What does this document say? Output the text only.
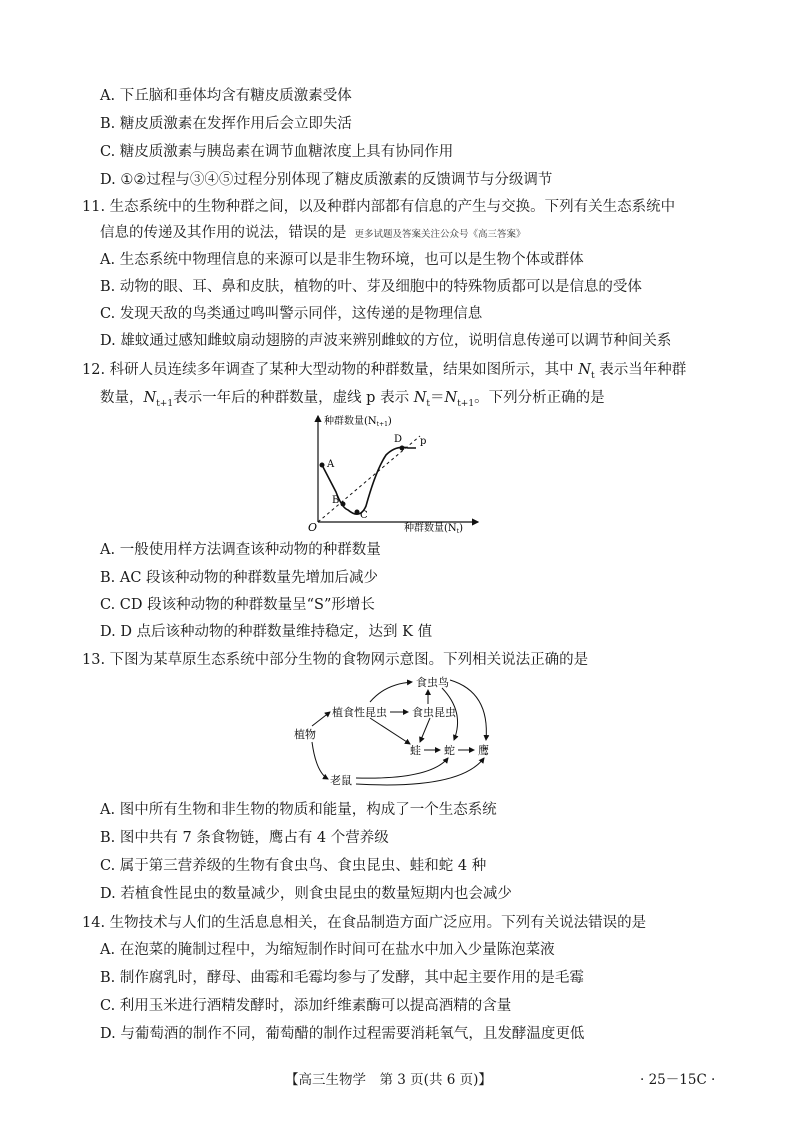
A. 下丘脑和垂体均含有糖皮质激素受体
B. 糖皮质激素在发挥作用后会立即失活
C. 糖皮质激素与胰岛素在调节血糖浓度上具有协同作用
D. ①②过程与③④⑤过程分别体现了糖皮质激素的反馈调节与分级调节
11. 生态系统中的生物种群之间，以及种群内部都有信息的产生与交换。下列有关生态系统中
信息的传递及其作用的说法，错误的是 更多试题及答案关注公众号《高三答案》
A. 生态系统中物理信息的来源可以是非生物环境，也可以是生物个体或群体
B. 动物的眼、耳、鼻和皮肤，植物的叶、芽及细胞中的特殊物质都可以是信息的受体
C. 发现天敌的鸟类通过鸣叫警示同伴，这传递的是物理信息
D. 雄蚊通过感知雌蚊扇动翅膀的声波来辨别雌蚊的方位，说明信息传递可以调节种间关系
12. 科研人员连续多年调查了某种大型动物的种群数量，结果如图所示，其中 $N_t$ 表示当年种群
数量，$N_{t+1}$表示一年后的种群数量，虚线 p 表示 $N_t=N_{t+1}$。下列分析正确的是
种群数量$(N_{t+1})$
种群数量$(N_t)$
O
p
A
B
C
D
A. 一般使用样方法调查该种动物的种群数量
B. AC 段该种动物的种群数量先增加后减少
C. CD 段该种动物的种群数量呈“S”形增长
D. D 点后该种动物的种群数量维持稳定，达到 K 值
13. 下图为某草原生态系统中部分生物的食物网示意图。下列相关说法正确的是
植物
植食性昆虫 食虫昆虫
食虫鸟
蛙 蛇 鹰
老鼠
A. 图中所有生物和非生物的物质和能量，构成了一个生态系统
B. 图中共有 7 条食物链，鹰占有 4 个营养级
C. 属于第三营养级的生物有食虫鸟、食虫昆虫、蛙和蛇 4 种
D. 若植食性昆虫的数量减少，则食虫昆虫的数量短期内也会减少
14. 生物技术与人们的生活息息相关，在食品制造方面广泛应用。下列有关说法错误的是
A. 在泡菜的腌制过程中，为缩短制作时间可在盐水中加入少量陈泡菜液
B. 制作腐乳时，酵母、曲霉和毛霉均参与了发酵，其中起主要作用的是毛霉
C. 利用玉米进行酒精发酵时，添加纤维素酶可以提高酒精的含量
D. 与葡萄酒的制作不同，葡萄醋的制作过程需要消耗氧气，且发酵温度更低
【高三生物学　第 3 页(共 6 页)】	· 25－15C ·
